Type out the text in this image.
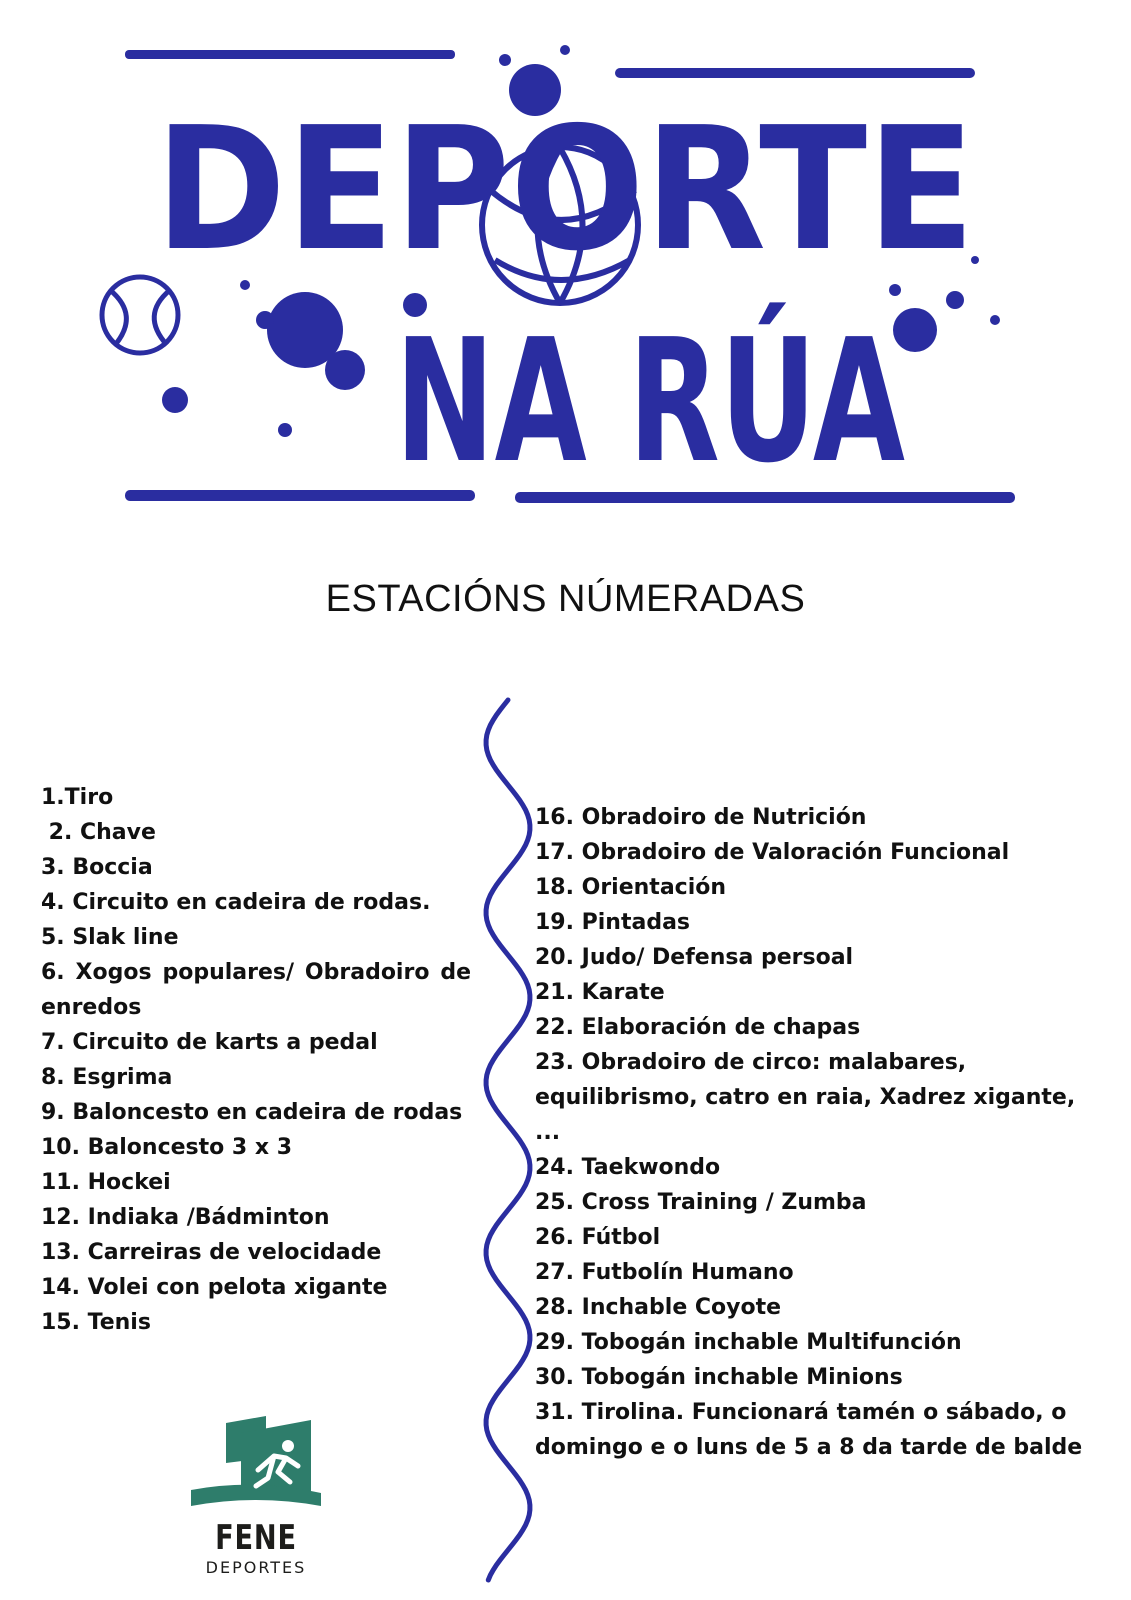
DEPORTE
NA RÚA
ESTACIÓNS NÚMERADAS
1.Tiro
2. Chave
3. Boccia
4. Circuito en cadeira de rodas.
5. Slak line
6. Xogos populares/ Obradoiro de enredos
7. Circuito de karts a pedal
8. Esgrima
9. Baloncesto en cadeira de rodas
10. Baloncesto 3 x 3
11. Hockei
12. Indiaka /Bádminton
13. Carreiras de velocidade
14. Volei con pelota xigante
15. Tenis
16. Obradoiro de Nutrición
17. Obradoiro de Valoración Funcional
18. Orientación
19. Pintadas
20. Judo/ Defensa persoal
21. Karate
22. Elaboración de chapas
23. Obradoiro de circo: malabares, equilibrismo, catro en raia, Xadrez xigante, ...
24. Taekwondo
25. Cross Training / Zumba
26. Fútbol
27. Futbolín Humano
28. Inchable Coyote
29. Tobogán inchable Multifunción
30. Tobogán inchable Minions
31. Tirolina. Funcionará tamén o sábado, o domingo e o luns de 5 a 8 da tarde de balde
FENE
DEPORTES
